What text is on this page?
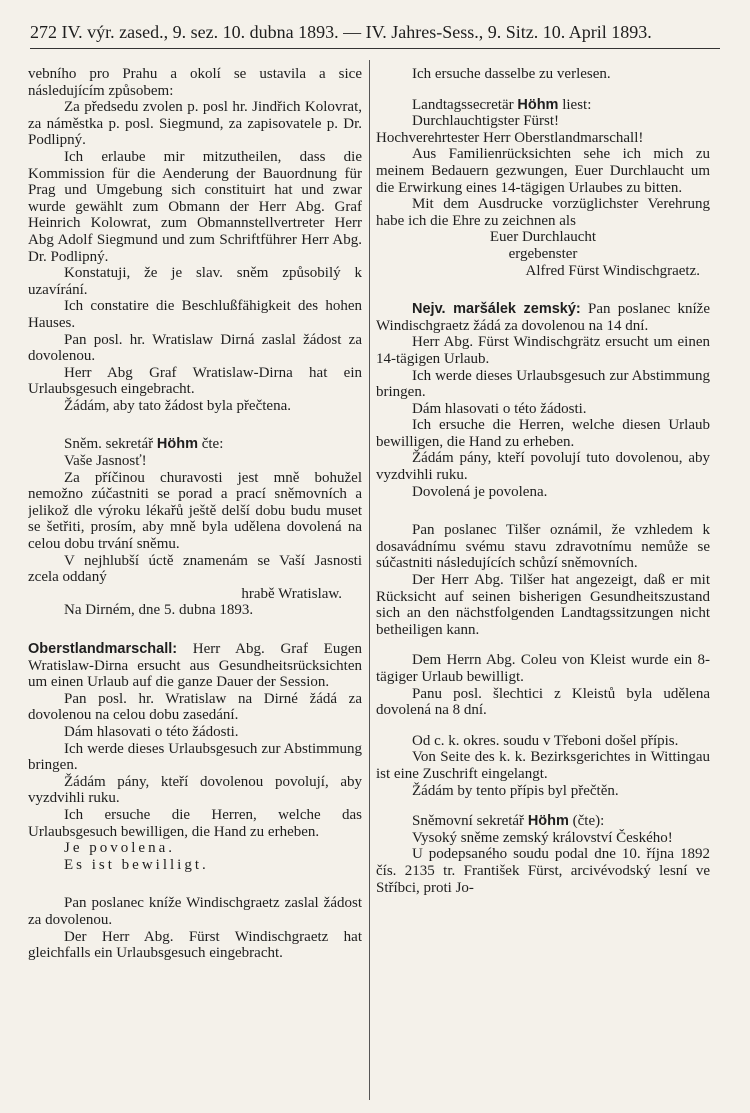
272 IV. výr. zased., 9. sez. 10. dubna 1893. — IV. Jahres-Sess., 9. Sitz. 10. April 1893.

vebního pro Prahu a okolí se ustavila a sice následujícím způsobem:

Za předsedu zvolen p. posl hr. Jindřich Kolovrat, za náměstka p. posl. Siegmund, za zapisovatele p. Dr. Podlipný.

Ich erlaube mir mitzutheilen, dass die Kommission für die Aenderung der Bauordnung für Prag und Umgebung sich constituirt hat und zwar wurde gewählt zum Obmann der Herr Abg. Graf Heinrich Kolowrat, zum Obmannstellvertreter Herr Abg Adolf Siegmund und zum Schriftführer Herr Abg. Dr. Podlipný.

Konstatuji, že je slav. sněm způsobilý k uzavírání.

Ich constatire die Beschlußfähigkeit des hohen Hauses.

Pan posl. hr. Wratislaw Dirná zaslal žádost za dovolenou.

Herr Abg Graf Wratislaw-Dirna hat ein Urlaubsgesuch eingebracht.

Žádám, aby tato žádost byla přečtena.

Sněm. sekretář Höhm čte:

Vaše Jasnosť!

Za příčinou churavosti jest mně bohužel nemožno zúčastniti se porad a prací sněmovních a jelikož dle výroku lékařů ještě delší dobu budu muset se šetřiti, prosím, aby mně byla udělena dovolená na celou dobu trvání sněmu.

V nejhlubší úctě znamenám se Vaší Jasnosti zcela oddaný

hrabě Wratislaw.

Na Dirném, dne 5. dubna 1893.

Oberstlandmarschall: Herr Abg. Graf Eugen Wratislaw-Dirna ersucht aus Gesundheitsrücksichten um einen Urlaub auf die ganze Dauer der Session.

Pan posl. hr. Wratislaw na Dirné žádá za dovolenou na celou dobu zasedání.

Dám hlasovati o této žádosti.

Ich werde dieses Urlaubsgesuch zur Abstimmung bringen.

Žádám pány, kteří dovolenou povolují, aby vyzdvihli ruku.

Ich ersuche die Herren, welche das Urlaubsgesuch bewilligen, die Hand zu erheben.

Je povolena.

Es ist bewilligt.

Pan poslanec kníže Windischgraetz zaslal žádost za dovolenou.

Der Herr Abg. Fürst Windischgraetz hat gleichfalls ein Urlaubsgesuch eingebracht.

Ich ersuche dasselbe zu verlesen.

Landtagssecretär Höhm liest:

Durchlauchtigster Fürst!

Hochverehrtester Herr Oberstlandmarschall!

Aus Familienrücksichten sehe ich mich zu meinem Bedauern gezwungen, Euer Durchlaucht um die Erwirkung eines 14-tägigen Urlaubes zu bitten.

Mit dem Ausdrucke vorzüglichster Verehrung habe ich die Ehre zu zeichnen als

Euer Durchlaucht

ergebenster

Alfred Fürst Windischgraetz.

Nejv. maršálek zemský: Pan poslanec kníže Windischgraetz žádá za dovolenou na 14 dní.

Herr Abg. Fürst Windischgrätz ersucht um einen 14-tägigen Urlaub.

Ich werde dieses Urlaubsgesuch zur Abstimmung bringen.

Dám hlasovati o této žádosti.

Ich ersuche die Herren, welche diesen Urlaub bewilligen, die Hand zu erheben.

Žádám pány, kteří povolují tuto dovolenou, aby vyzdvihli ruku.

Dovolená je povolena.

Pan poslanec Tilšer oznámil, že vzhledem k dosavádnímu svému stavu zdravotnímu nemůže se súčastniti následujících schůzí sněmovních.

Der Herr Abg. Tilšer hat angezeigt, daß er mit Rücksicht auf seinen bisherigen Gesundheitszustand sich an den nächstfolgenden Landtagssitzungen nicht betheiligen kann.

Dem Herrn Abg. Coleu von Kleist wurde ein 8-tägiger Urlaub bewilligt.

Panu posl. šlechtici z Kleistů byla udělena dovolená na 8 dní.

Od c. k. okres. soudu v Třeboni došel přípis.

Von Seite des k. k. Bezirksgerichtes in Wittingau ist eine Zuschrift eingelangt.

Žádám by tento přípis byl přečtěn.

Sněmovní sekretář Höhm (čte):

Vysoký sněme zemský království Českého!

U podepsaného soudu podal dne 10. října 1892 čís. 2135 tr. František Fürst, arcivévodský lesní ve Stříbci, proti Jo-
